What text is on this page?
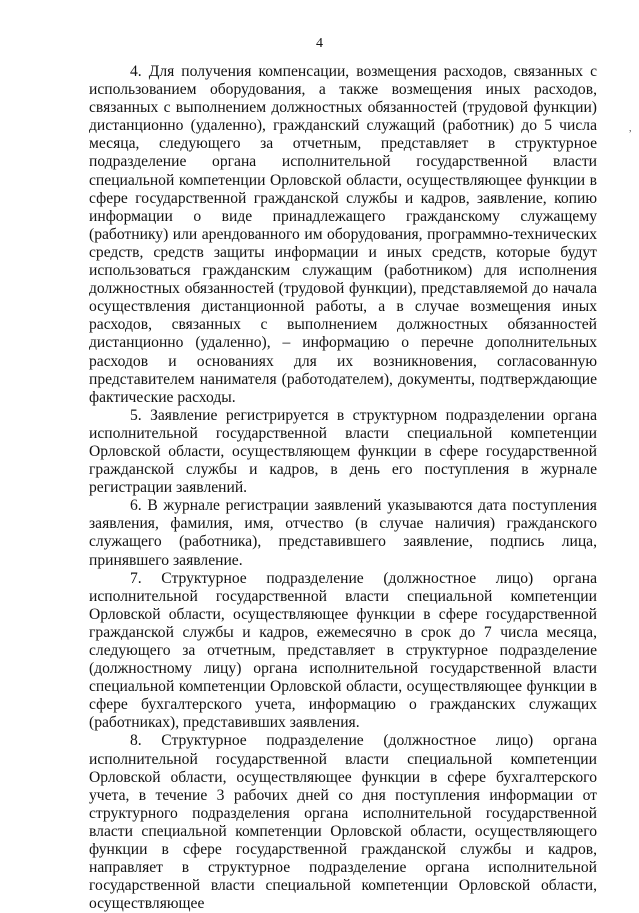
4
,

4. Для получения компенсации, возмещения расходов, связанных с использованием оборудования, а также возмещения иных расходов, связанных с выполнением должностных обязанностей (трудовой функции) дистанционно (удаленно), гражданский служащий (работник) до 5 числа месяца, следующего за отчетным, представляет в структурное подразделение органа исполнительной государственной власти специальной компетенции Орловской области, осуществляющее функции в сфере государственной гражданской службы и кадров, заявление, копию информации о виде принадлежащего гражданскому служащему (работнику) или арендованного им оборудования, программно-технических средств, средств защиты информации и иных средств, которые будут использоваться гражданским служащим (работником) для исполнения должностных обязанностей (трудовой функции), представляемой до начала осуществления дистанционной работы, а в случае возмещения иных расходов, связанных с выполнением должностных обязанностей дистанционно (удаленно), – информацию о перечне дополнительных расходов и основаниях для их возникновения, согласованную представителем нанимателя (работодателем), документы, подтверждающие фактические расходы.

5. Заявление регистрируется в структурном подразделении органа исполнительной государственной власти специальной компетенции Орловской области, осуществляющем функции в сфере государственной гражданской службы и кадров, в день его поступления в журнале регистрации заявлений.

6. В журнале регистрации заявлений указываются дата поступления заявления, фамилия, имя, отчество (в случае наличия) гражданского служащего (работника), представившего заявление, подпись лица, принявшего заявление.

7. Структурное подразделение (должностное лицо) органа исполнительной государственной власти специальной компетенции Орловской области, осуществляющее функции в сфере государственной гражданской службы и кадров, ежемесячно в срок до 7 числа месяца, следующего за отчетным, представляет в структурное подразделение (должностному лицу) органа исполнительной государственной власти специальной компетенции Орловской области, осуществляющее функции в сфере бухгалтерского учета, информацию о гражданских служащих (работниках), представивших заявления.

8. Структурное подразделение (должностное лицо) органа исполнительной государственной власти специальной компетенции Орловской области, осуществляющее функции в сфере бухгалтерского учета, в течение 3 рабочих дней со дня поступления информации от структурного подразделения органа исполнительной государственной власти специальной компетенции Орловской области, осуществляющего функции в сфере государственной гражданской службы и кадров, направляет в структурное подразделение органа исполнительной государственной власти специальной компетенции Орловской области, осуществляющее
